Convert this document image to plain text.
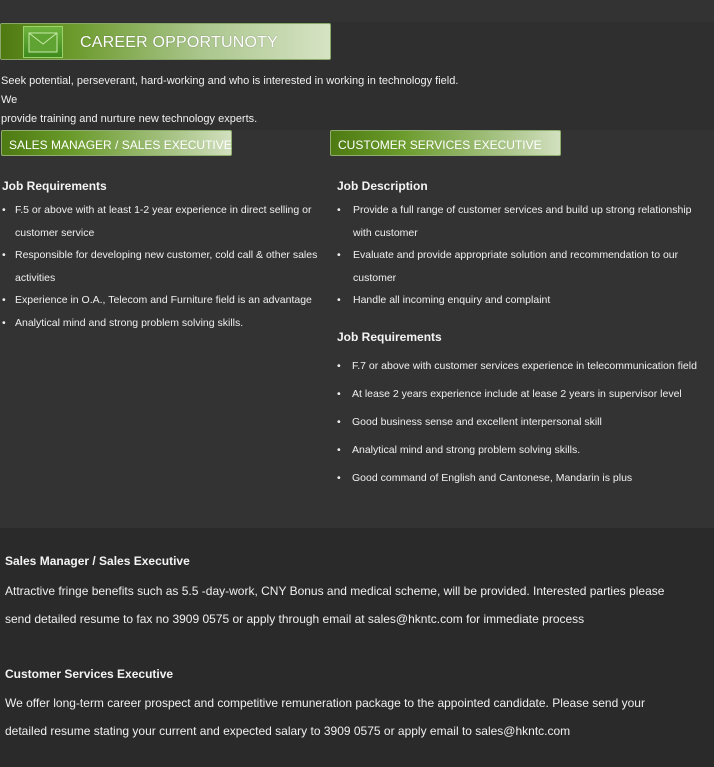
CAREER OPPORTUNOTY
Seek potential, perseverant, hard-working and who is interested in working in technology field. We
provide training and nurture new technology experts.
SALES MANAGER / SALES EXECUTIVE	CUSTOMER SERVICES EXECUTIVE
Job Requirements
• F.5 or above with at least 1-2 year experience in direct selling or customer service
• Responsible for developing new customer, cold call & other sales activities
• Experience in O.A., Telecom and Furniture field is an advantage
• Analytical mind and strong problem solving skills.
Job Description
• Provide a full range of customer services and build up strong relationship with customer
• Evaluate and provide appropriate solution and recommendation to our customer
• Handle all incoming enquiry and complaint
Job Requirements
• F.7 or above with customer services experience in telecommunication field
• At lease 2 years experience include at lease 2 years in supervisor level
• Good business sense and excellent interpersonal skill
• Analytical mind and strong problem solving skills.
• Good command of English and Cantonese, Mandarin is plus
Sales Manager / Sales Executive
Attractive fringe benefits such as 5.5 -day-work, CNY Bonus and medical scheme, will be provided. Interested parties please
send detailed resume to fax no 3909 0575 or apply through email at sales@hkntc.com for immediate process
Customer Services Executive
We offer long-term career prospect and competitive remuneration package to the appointed candidate. Please send your
detailed resume stating your current and expected salary to 3909 0575 or apply email to sales@hkntc.com
